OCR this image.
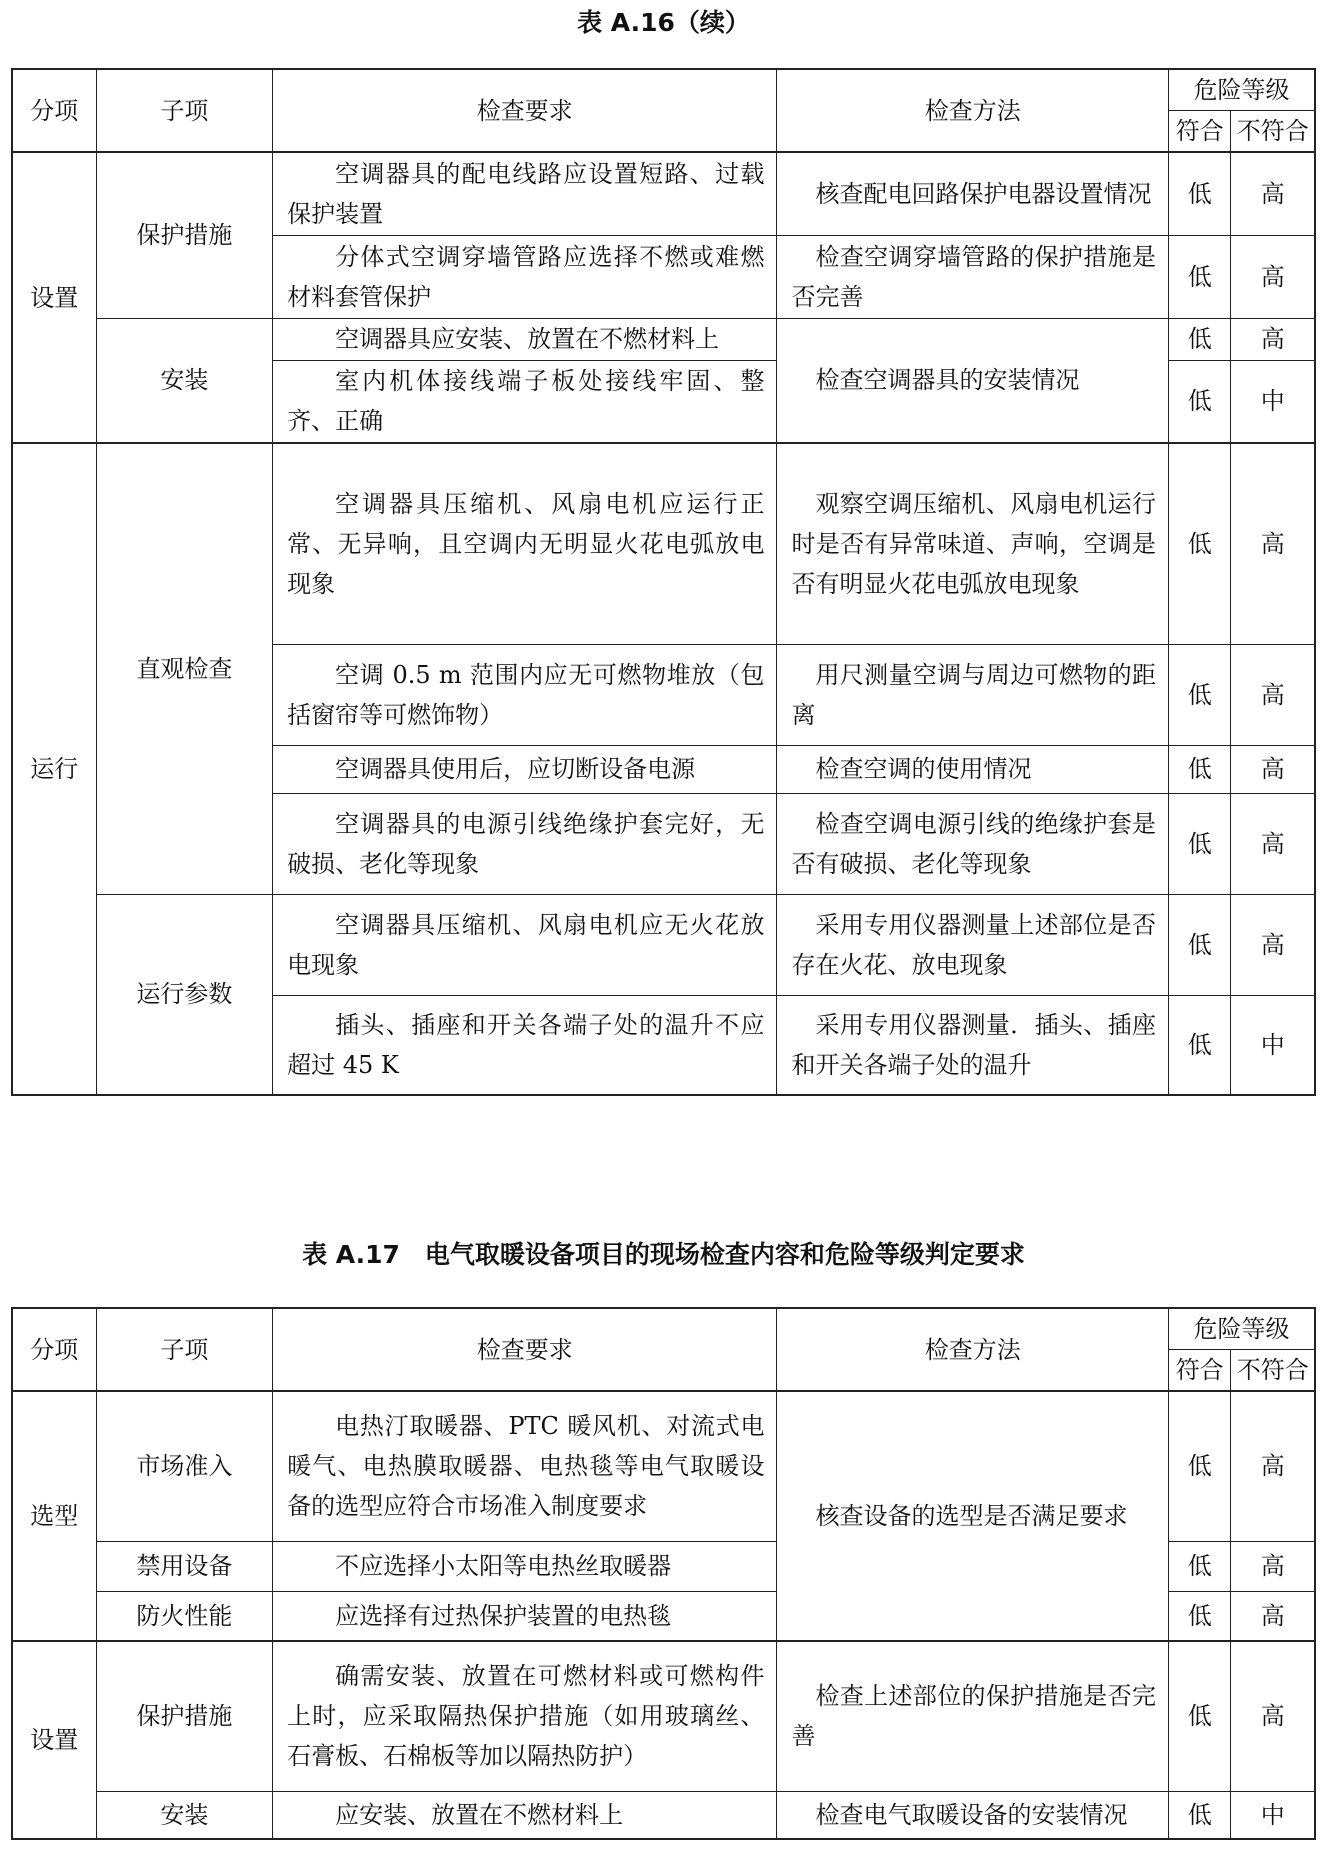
表 A.16（续）
分项	子项	检查要求	检查方法	危险等级	
				符合	不符合
设置	保护措施	空调器具的配电线路应设置短路、过载保护装置	核查配电回路保护电器设置情况	低	高
		分体式空调穿墙管路应选择不燃或难燃材料套管保护	检查空调穿墙管路的保护措施是否完善	低	高
	安装	空调器具应安装、放置在不燃材料上	检查空调器具的安装情况	低	高
		室内机体接线端子板处接线牢固、整齐、正确		低	中
运行	直观检查	空调器具压缩机、风扇电机应运行正常、无异响，且空调内无明显火花电弧放电现象	观察空调压缩机、风扇电机运行时是否有异常味道、声响，空调是否有明显火花电弧放电现象	低	高
		空调 0.5 m 范围内应无可燃物堆放（包括窗帘等可燃饰物）	用尺测量空调与周边可燃物的距离	低	高
		空调器具使用后，应切断设备电源	检查空调的使用情况	低	高
		空调器具的电源引线绝缘护套完好，无破损、老化等现象	检查空调电源引线的绝缘护套是否有破损、老化等现象	低	高
	运行参数	空调器具压缩机、风扇电机应无火花放电现象	采用专用仪器测量上述部位是否存在火花、放电现象	低	高
		插头、插座和开关各端子处的温升不应超过 45 K	采用专用仪器测量．插头、插座和开关各端子处的温升	低	中
表 A.17　电气取暖设备项目的现场检查内容和危险等级判定要求
分项	子项	检查要求	检查方法	危险等级	
				符合	不符合
选型	市场准入	电热汀取暖器、PTC 暖风机、对流式电暖气、电热膜取暖器、电热毯等电气取暖设备的选型应符合市场准入制度要求	核查设备的选型是否满足要求	低	高
	禁用设备	不应选择小太阳等电热丝取暖器		低	高
	防火性能	应选择有过热保护装置的电热毯		低	高
设置	保护措施	确需安装、放置在可燃材料或可燃构件上时，应采取隔热保护措施（如用玻璃丝、石膏板、石棉板等加以隔热防护）	检查上述部位的保护措施是否完善	低	高
	安装	应安装、放置在不燃材料上	检查电气取暖设备的安装情况	低	中
